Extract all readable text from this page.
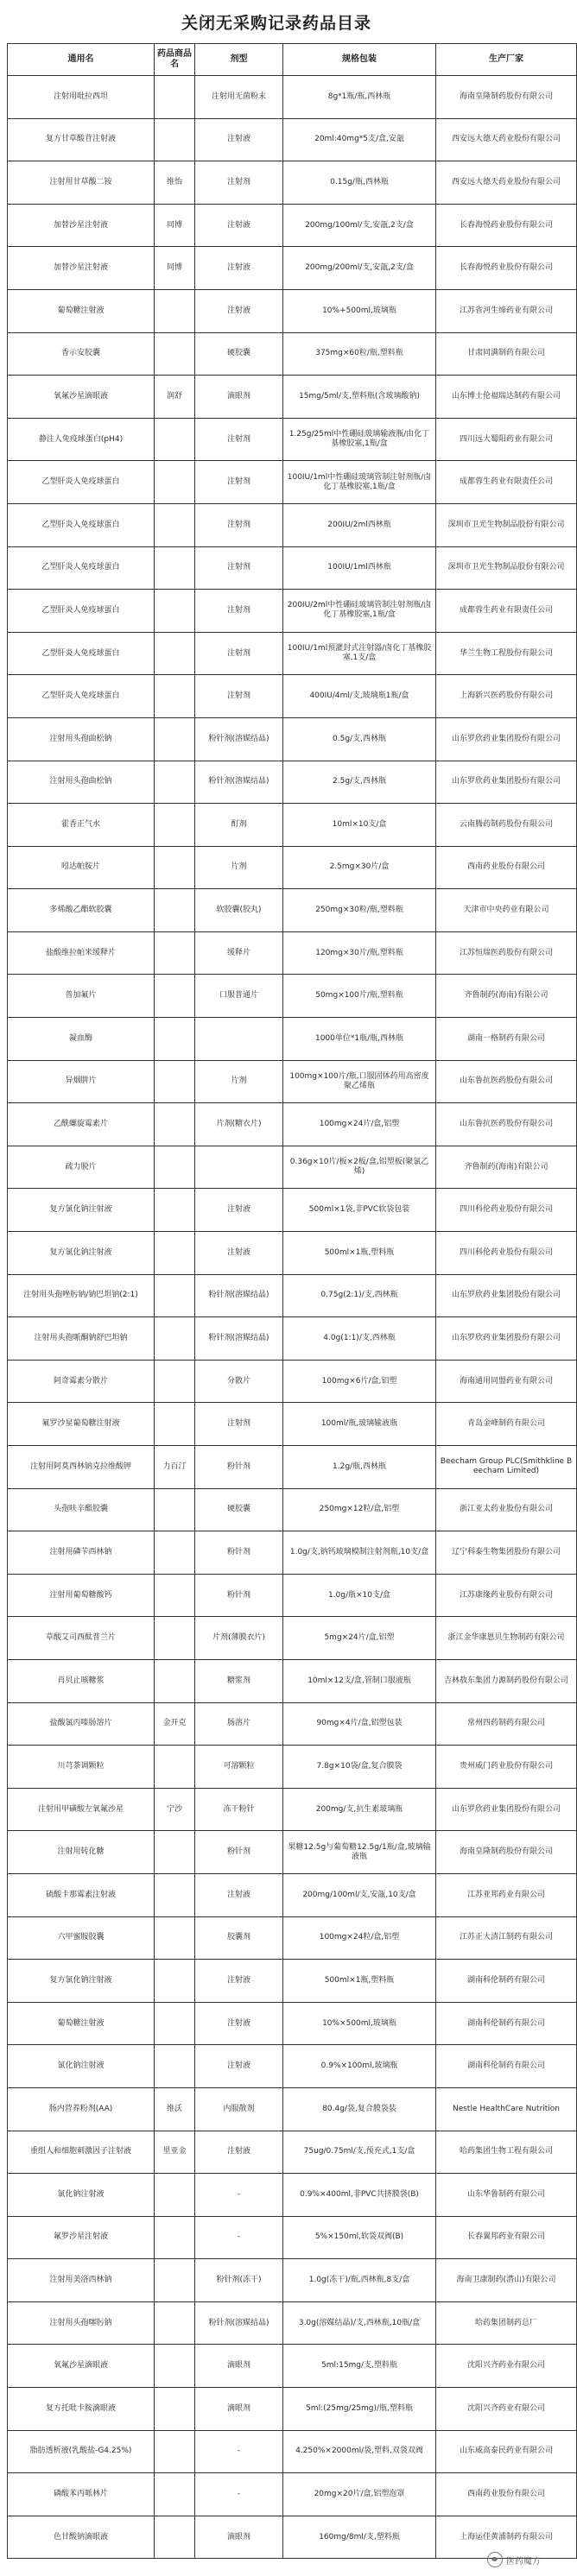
关闭无采购记录药品目录
通用名	药品商品名	剂型	规格包装	生产厂家
注射用吡拉西坦		注射用无菌粉末	8g*1瓶/瓶,西林瓶	海南皇隆制药股份有限公司
复方甘草酸苷注射液		注射液	20ml:40mg*5支/盒,安瓿	西安远大德天药业股份有限公司
注射用甘草酸二铵	维怡	注射剂	0.15g/瓶,西林瓶	西安远大德天药业股份有限公司
加替沙星注射液	同博	注射液	200mg/100ml/支,安瓿,2支/盒	长春海悦药业股份有限公司
加替沙星注射液	同博	注射液	200mg/200ml/支,安瓿,2支/盒	长春海悦药业股份有限公司
葡萄糖注射液		注射液	10%+500ml,玻璃瓶	江苏省河生缔药业有限公司
香示安胶囊		硬胶囊	375mg×60粒/瓶,塑料瓶	甘肃同满制药有限公司
氧氟沙星滴眼液	润舒	滴眼剂	15mg/5ml/支,塑料瓶(含玻璃酸钠)	山东博士伦福瑞达制药有限公司
静注人免疫球蛋白(pH4)		注射剂	1.25g/25ml中性硼硅玻璃输液瓶/由化丁基橡胶塞,1瓶/盒	四川远大蜀阳药业有限公司
乙型肝炎人免疫球蛋白		注射剂	100IU/1ml中性硼硅玻璃管制注射剂瓶/卤化丁基橡胶塞,1瓶/盒	成都蓉生药业有限责任公司
乙型肝炎人免疫球蛋白		注射剂	200IU/2ml西林瓶	深圳市卫光生物制品股份有限公司
乙型肝炎人免疫球蛋白		注射剂	100IU/1ml西林瓶	深圳市卫光生物制品股份有限公司
乙型肝炎人免疫球蛋白		注射剂	200IU/2ml中性硼硅玻璃管制注射剂瓶/卤化丁基橡胶塞,1瓶/盒	成都蓉生药业有限责任公司
乙型肝炎人免疫球蛋白		注射剂	100IU/1ml预灌封式注射器/卤化丁基橡胶塞,1支/盒	华兰生物工程股份有限公司
乙型肝炎人免疫球蛋白		注射剂	400IU/4ml/支,玻璃瓶1瓶/盒	上海新兴医药股份有限公司
注射用头孢曲松钠		粉针剂(溶媒结晶)	0.5g/支,西林瓶	山东罗欣药业集团股份有限公司
注射用头孢曲松钠		粉针剂(溶媒结晶)	2.5g/支,西林瓶	山东罗欣药业集团股份有限公司
霍香正气水		酊剂	10ml×10支/盒	云南腾药制药股份有限公司
吲达帕胺片		片剂	2.5mg×30片/盒	西南药业股份有限公司
多烯酸乙酯软胶囊		软胶囊(胶丸)	250mg×30粒/瓶,塑料瓶	天津市中央药业有限公司
盐酸维拉帕米缓释片		缓释片	120mg×30片/瓶,塑料瓶	江苏恒瑞医药股份有限公司
普加氟片		口服普通片	50mg×100片/瓶,塑料瓶	齐鲁制药(海南)有限公司
凝血酶			1000单位*1瓶/瓶,西林瓶	湖南一格制药有限公司
异烟肼片		片剂	100mg×100片/瓶,口服固体药用高密度聚乙烯瓶	山东鲁抗医药股份有限公司
乙酰螺旋霉素片		片剂(糖衣片)	100mg×24片/盒,铝塑	山东鲁抗医药股份有限公司
疏力脱片			0.36g×10片/板×2板/盒,铝塑板(聚氯乙烯)	齐鲁制药(海南)有限公司
复方氯化钠注射液		注射液	500ml×1袋,非PVC软袋包装	四川科伦药业股份有限公司
复方氯化钠注射液		注射液	500ml×1瓶,塑料瓶	四川科伦药业股份有限公司
注射用头孢唑肟钠/钠巴坦钠(2:1)		粉针剂(溶媒结晶)	0.75g(2:1)/支,西林瓶	山东罗欣药业集团股份有限公司
注射用头孢哌酮钠舒巴坦钠		粉针剂(溶媒结晶)	4.0g(1:1)/支,西林瓶	山东罗欣药业集团股份有限公司
阿奇霉素分散片		分散片	100mg×6片/盒,铝塑	海南通用同盟药业有限公司
氟罗沙星葡萄糖注射液		注射剂	100ml/瓶,玻璃输液瓶	青岛金峰制药有限公司
注射用阿莫西林钠克拉维酸钾	力百汀	粉针剂	1.2g/瓶,西林瓶	Beecham Group PLC(Smithkline Beecham Limited)
头孢呋辛酯胶囊		硬胶囊	250mg×12粒/盒,铝塑	浙江亚太药业股份有限公司
注射用磷苄西林钠		粉针剂	1.0g/支,钠钙玻璃模制注射剂瓶,10支/盒	辽宁科泰生物集团股份有限公司
注射用葡萄糖酸钙		粉针剂	1.0g/瓶×10支/盒	江苏康缘药业股份有限公司
草酸艾司西酞普兰片		片剂(薄膜衣片)	5mg×24片/盒,铝塑	浙江金华康恩贝生物制药有限公司
肖贝止咳糖浆		糖浆剂	10ml×12支/盒,管制口服液瓶	吉林敖东集团力源制药股份有限公司
盐酸氯丙嗪肠溶片	金开克	肠溶片	90mg×4片/盒,铝塑包装	常州四药制药有限公司
川芎茶调颗粒		可溶颗粒	7.8g×10袋/盒,复合膜袋	贵州威门药业股份有限公司
注射用甲磺酸左氧氟沙星	宁沙	冻干粉针	200mg/支,抗生素玻璃瓶	山东罗欣药业集团股份有限公司
注射用转化糖		粉针剂	果糖12.5g与葡萄糖12.5g/1瓶/盒,玻璃输液瓶	海南皇隆制药股份有限公司
硫酸卡那霉素注射液		注射液	200mg/100ml/支,安瓿,10支/盒	江苏亚邦药业有限公司
六甲蜜胺胶囊		胶囊剂	100mg×24粒/盒,铝塑	江苏正大清江制药有限公司
复方氯化钠注射液		注射液	500ml×1瓶,塑料瓶	湖南科伦制药有限公司
葡萄糖注射液		注射液	10%×500ml,玻璃瓶	湖南科伦制药有限公司
氯化钠注射液		注射液	0.9%×100ml,玻璃瓶	湖南科伦制药有限公司
肠内营养粉剂(AA)	维沃	内服散剂	80.4g/袋,复合膜袋装	Nestle HealthCare Nutrition
重组人和细胞刺激因子注射液	里亚金	注射液	75ug/0.75ml/支,预充式,1支/盒	哈药集团生物工程有限公司
氯化钠注射液		-	0.9%×400ml,非PVC共挤膜袋(B)	山东华鲁制药有限公司
氟罗沙星注射液		-	5%×150ml,软袋双阀(B)	长春翼邦药业有限公司
注射用美洛西林钠		粉针剂(冻干)	1.0g(冻干)/瓶,西林瓶,8支/盒	海南卫康制药(潜山)有限公司
注射用头孢噻肟钠		粉针剂(溶媒结晶)	3.0g(溶媒结晶)/支,西林瓶,10瓶/盒	哈药集团制药总厂
氧氟沙星滴眼液		滴眼剂	5ml:15mg/支,塑料瓶	沈阳兴齐药业有限公司
复方托吡卡胺滴眼液		滴眼剂	5ml:(25mg/25mg)/瓶,塑料瓶	沈阳兴齐药业有限公司
脂肪透析液(乳酸盐-G4.25%)		-	4.250%×2000ml/袋,塑料,双袋双阀	山东威高泰民药业有限公司
磷酸苯丙哌林片		-	20mg×20片/盒,铝塑泡罩	西南药业股份有限公司
色甘酸钠滴眼液		滴眼剂	160mg/8ml/支,塑料瓶	上海运佳黄浦制药有限公司
医药魔方
